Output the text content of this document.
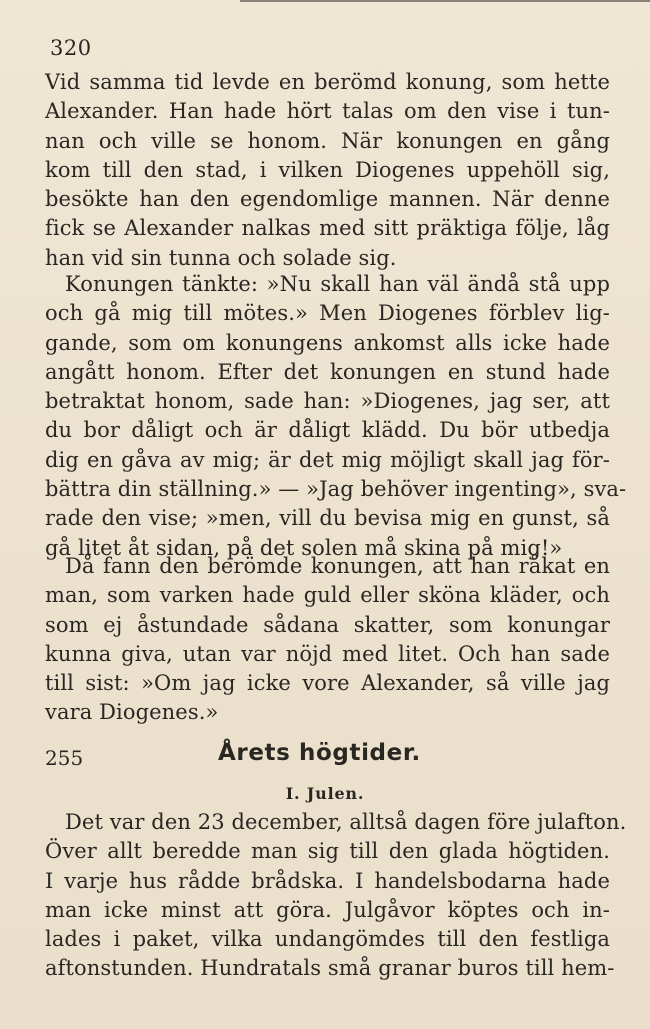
320
Vid samma tid levde en berömd konung, som hette
Alexander. Han hade hört talas om den vise i tun-
nan och ville se honom. När konungen en gång
kom till den stad, i vilken Diogenes uppehöll sig,
besökte han den egendomlige mannen. När denne
fick se Alexander nalkas med sitt präktiga följe, låg
han vid sin tunna och solade sig.
Konungen tänkte: »Nu skall han väl ändå stå upp
och gå mig till mötes.» Men Diogenes förblev lig-
gande, som om konungens ankomst alls icke hade
angått honom. Efter det konungen en stund hade
betraktat honom, sade han: »Diogenes, jag ser, att
du bor dåligt och är dåligt klädd. Du bör utbedja
dig en gåva av mig; är det mig möjligt skall jag för-
bättra din ställning.» — »Jag behöver ingenting», sva-
rade den vise; »men, vill du bevisa mig en gunst, så
gå litet åt sidan, på det solen må skina på mig!»
Då fann den berömde konungen, att han råkat en
man, som varken hade guld eller sköna kläder, och
som ej åstundade sådana skatter, som konungar
kunna giva, utan var nöjd med litet. Och han sade
till sist: »Om jag icke vore Alexander, så ville jag
vara Diogenes.»
255	Årets högtider.
I. Julen.
Det var den 23 december, alltså dagen före julafton.
Över allt beredde man sig till den glada högtiden.
I varje hus rådde brådska. I handelsbodarna hade
man icke minst att göra. Julgåvor köptes och in-
lades i paket, vilka undangömdes till den festliga
aftonstunden. Hundratals små granar buros till hem-
